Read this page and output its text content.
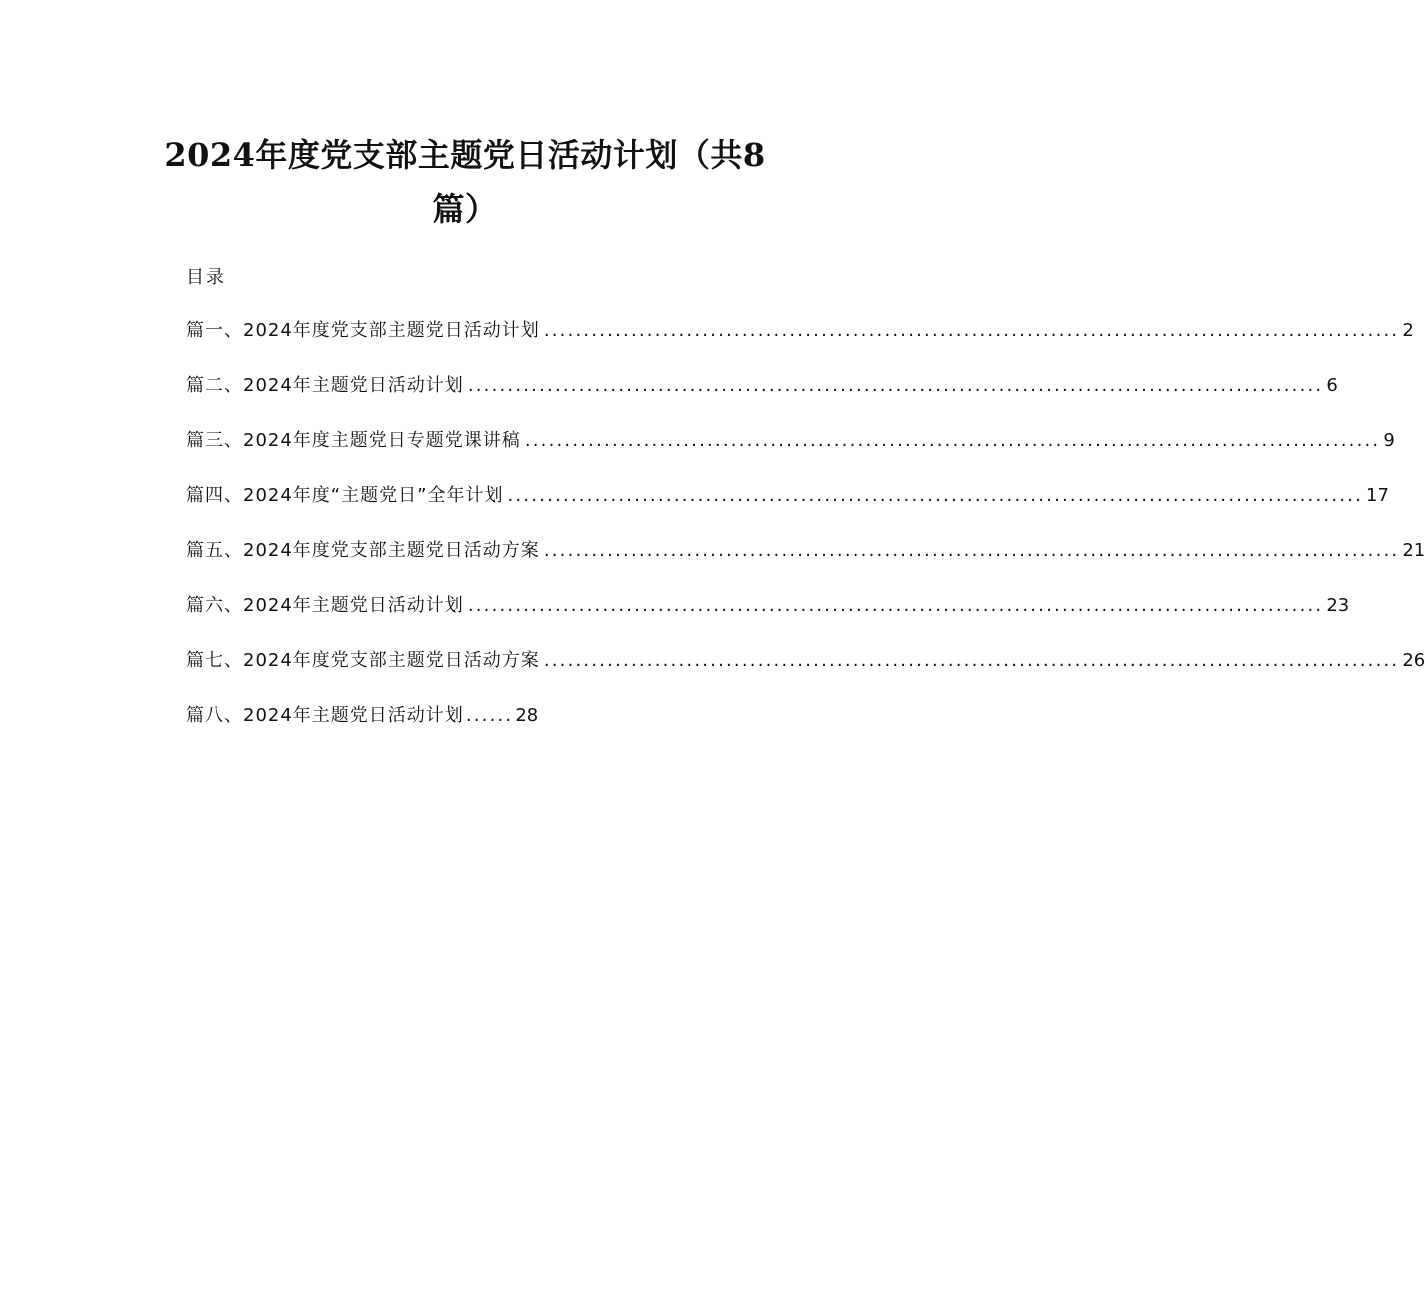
2024年度党支部主题党日活动计划（共8篇）

目录

篇一、2024年度党支部主题党日活动计划 ............................................................................................................ 2
篇二、2024年主题党日活动计划 ............................................................................................................ 6
篇三、2024年度主题党日专题党课讲稿 ............................................................................................................ 9
篇四、2024年度“主题党日”全年计划 ............................................................................................................ 17
篇五、2024年度党支部主题党日活动方案 ............................................................................................................ 21
篇六、2024年主题党日活动计划 ............................................................................................................ 23
篇七、2024年度党支部主题党日活动方案 ............................................................................................................ 26
篇八、2024年主题党日活动计划 ...... 28
